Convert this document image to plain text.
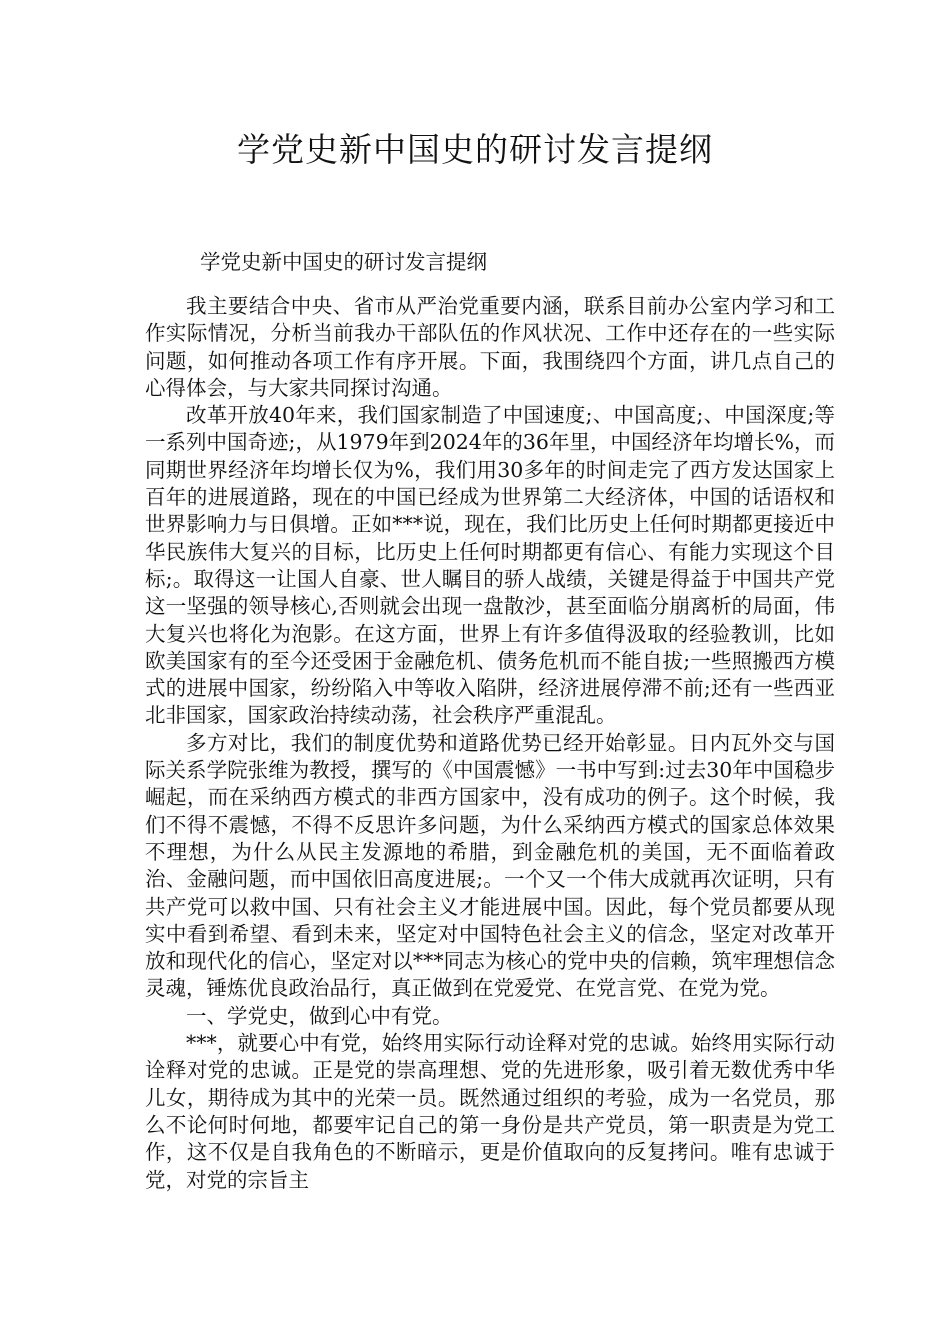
学党史新中国史的研讨发言提纲

学党史新中国史的研讨发言提纲

我主要结合中央、省市从严治党重要内涵，联系目前办公室内学习和工作实际情况，分析当前我办干部队伍的作风状况、工作中还存在的一些实际问题，如何推动各项工作有序开展。下面，我围绕四个方面，讲几点自己的心得体会，与大家共同探讨沟通。

改革开放40年来，我们国家制造了中国速度;、中国高度;、中国深度;等一系列中国奇迹;，从1979年到2024年的36年里，中国经济年均增长%，而同期世界经济年均增长仅为%，我们用30多年的时间走完了西方发达国家上百年的进展道路，现在的中国已经成为世界第二大经济体，中国的话语权和世界影响力与日俱增。正如***说，现在，我们比历史上任何时期都更接近中华民族伟大复兴的目标，比历史上任何时期都更有信心、有能力实现这个目标;。取得这一让国人自豪、世人瞩目的骄人战绩，关键是得益于中国共产党这一坚强的领导核心,否则就会出现一盘散沙，甚至面临分崩离析的局面，伟大复兴也将化为泡影。在这方面，世界上有许多值得汲取的经验教训，比如欧美国家有的至今还受困于金融危机、债务危机而不能自拔;一些照搬西方模式的进展中国家，纷纷陷入中等收入陷阱，经济进展停滞不前;还有一些西亚北非国家，国家政治持续动荡，社会秩序严重混乱。

多方对比，我们的制度优势和道路优势已经开始彰显。日内瓦外交与国际关系学院张维为教授，撰写的《中国震憾》一书中写到:过去30年中国稳步崛起，而在采纳西方模式的非西方国家中，没有成功的例子。这个时候，我们不得不震憾，不得不反思许多问题，为什么采纳西方模式的国家总体效果不理想，为什么从民主发源地的希腊，到金融危机的美国，无不面临着政治、金融问题，而中国依旧高度进展;。一个又一个伟大成就再次证明，只有共产党可以救中国、只有社会主义才能进展中国。因此，每个党员都要从现实中看到希望、看到未来，坚定对中国特色社会主义的信念，坚定对改革开放和现代化的信心，坚定对以***同志为核心的党中央的信赖，筑牢理想信念灵魂，锤炼优良政治品行，真正做到在党爱党、在党言党、在党为党。

一、学党史，做到心中有党。

***，就要心中有党，始终用实际行动诠释对党的忠诚。始终用实际行动诠释对党的忠诚。正是党的崇高理想、党的先进形象，吸引着无数优秀中华儿女，期待成为其中的光荣一员。既然通过组织的考验，成为一名党员，那么不论何时何地，都要牢记自己的第一身份是共产党员，第一职责是为党工作，这不仅是自我角色的不断暗示，更是价值取向的反复拷问。唯有忠诚于党，对党的宗旨主
